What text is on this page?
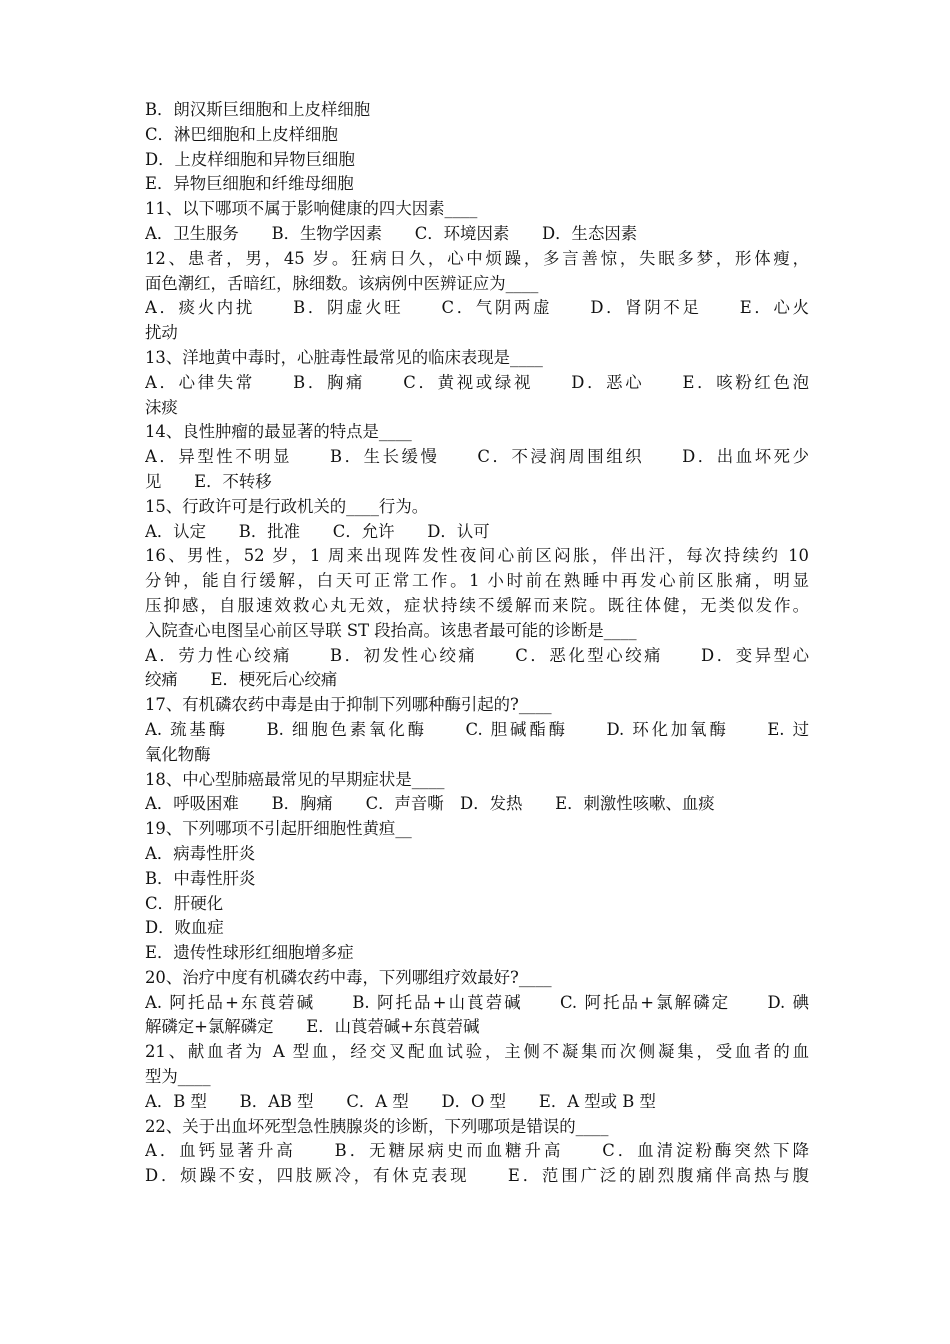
B．朗汉斯巨细胞和上皮样细胞
C．淋巴细胞和上皮样细胞
D．上皮样细胞和异物巨细胞
E．异物巨细胞和纤维母细胞
11、以下哪项不属于影响健康的四大因素____
A．卫生服务　　B．生物学因素　　C．环境因素　　D．生态因素
12、患者，男，45 岁。狂病日久，心中烦躁，多言善惊，失眠多梦，形体瘦，
面色潮红，舌暗红，脉细数。该病例中医辨证应为____
A．痰火内扰　　B．阴虚火旺　　C．气阴两虚　　D．肾阴不足　　E．心火
扰动
13、洋地黄中毒时，心脏毒性最常见的临床表现是____
A．心律失常　　B．胸痛　　C．黄视或绿视　　D．恶心　　E．咳粉红色泡
沫痰
14、良性肿瘤的最显著的特点是____
A．异型性不明显　　B．生长缓慢　　C．不浸润周围组织　　D．出血坏死少
见　　E．不转移
15、行政许可是行政机关的____行为。
A．认定　　B．批准　　C．允许　　D．认可
16、男性，52 岁，1 周来出现阵发性夜间心前区闷胀，伴出汗，每次持续约 10
分钟，能自行缓解，白天可正常工作。1 小时前在熟睡中再发心前区胀痛，明显
压抑感，自服速效救心丸无效，症状持续不缓解而来院。既往体健，无类似发作。
入院查心电图呈心前区导联 ST 段抬高。该患者最可能的诊断是____
A．劳力性心绞痛　　B．初发性心绞痛　　C．恶化型心绞痛　　D．变异型心
绞痛　　E．梗死后心绞痛
17、有机磷农药中毒是由于抑制下列哪种酶引起的?____
A. 巯基酶　　B. 细胞色素氧化酶　　C. 胆碱酯酶　　D. 环化加氧酶　　E. 过
氧化物酶
18、中心型肺癌最常见的早期症状是____
A．呼吸困难　　B．胸痛　　C．声音嘶　D．发热　　E．刺激性咳嗽、血痰
19、下列哪项不引起肝细胞性黄疸__
A．病毒性肝炎
B．中毒性肝炎
C．肝硬化
D．败血症
E．遗传性球形红细胞增多症
20、治疗中度有机磷农药中毒，下列哪组疗效最好?____
A. 阿托品+东莨菪碱　　B. 阿托品+山莨菪碱　　C. 阿托品+氯解磷定　　D. 碘
解磷定+氯解磷定　　E．山莨菪碱+东莨菪碱
21、献血者为 A 型血，经交叉配血试验，主侧不凝集而次侧凝集，受血者的血
型为____
A．B 型　　B．AB 型　　C．A 型　　D．O 型　　E．A 型或 B 型
22、关于出血坏死型急性胰腺炎的诊断，下列哪项是错误的____
A．血钙显著升高　　B．无糖尿病史而血糖升高　　C．血清淀粉酶突然下降
D．烦躁不安，四肢厥冷，有休克表现　　E．范围广泛的剧烈腹痛伴高热与腹
